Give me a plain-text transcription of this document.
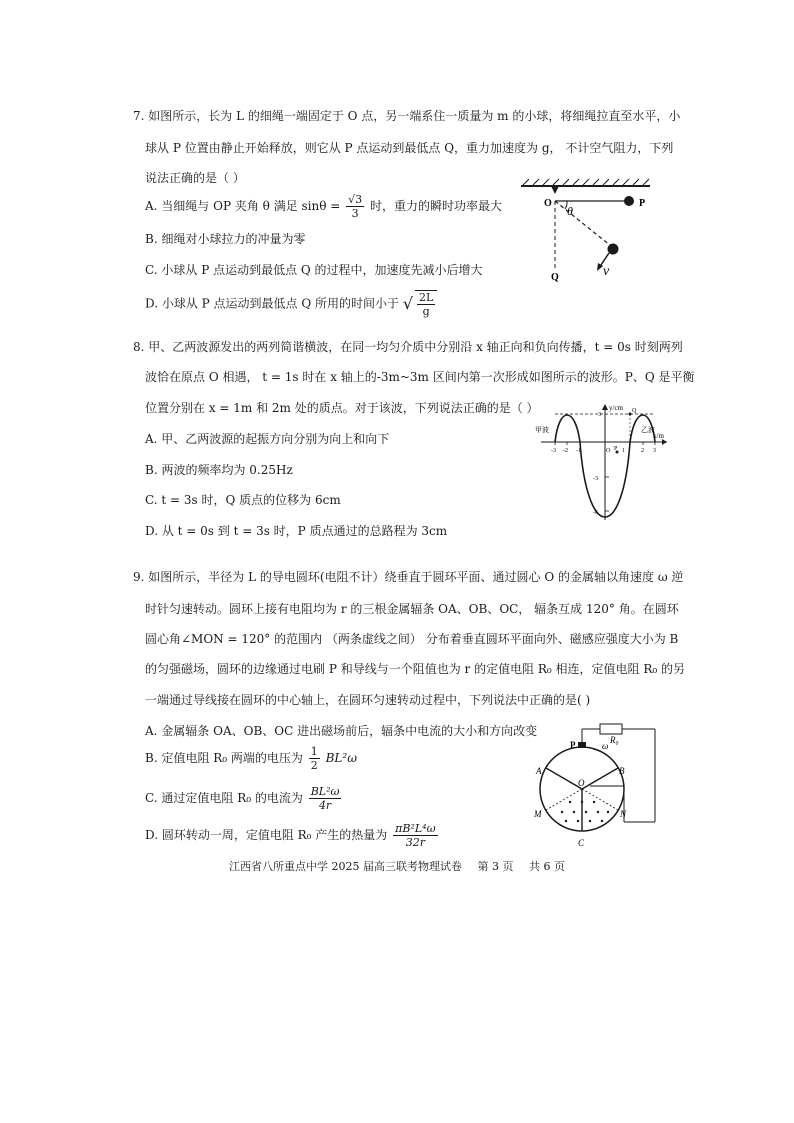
7. 如图所示，长为 L 的细绳一端固定于 O 点，另一端系住一质量为 m 的小球，将细绳拉直至水平，小
球从 P 位置由静止开始释放，则它从 P 点运动到最低点 Q，重力加速度为 g， 不计空气阻力，下列
说法正确的是（ ）
A. 当细绳与 OP 夹角 θ 满足 $\sin\theta = \frac{√3}{3}$ 时，重力的瞬时功率最大
B. 细绳对小球拉力的冲量为零
C. 小球从 P 点运动到最低点 Q 的过程中，加速度先减小后增大
D. 小球从 P 点运动到最低点 Q 所用的时间小于 √ $\frac{2L}{g}$
O	P
θ
Q	v
8. 甲、乙两波源发出的两列简谐横波，在同一均匀介质中分别沿 x 轴正向和负向传播，t = 0s 时刻两列
波恰在原点 O 相遇， t = 1s 时在 x 轴上的-3m~3m 区间内第一次形成如图所示的波形。P、Q 是平衡
位置分别在 x = 1m 和 2m 处的质点。对于该波，下列说法正确的是（ ）
A. 甲、乙两波源的起振方向分别为向上和向下
B. 两波的频率均为 0.25Hz
C. t = 3s 时，Q 质点的位移为 6cm
D. 从 t = 0s 到 t = 3s 时，P 质点通过的总路程为 3cm
y/cm
x/m
甲波	乙波
3
-3
-6
P
Q
O
-3 -2 -1	1	2 3
9. 如图所示，半径为 L 的导电圆环(电阻不计）绕垂直于圆环平面、通过圆心 O 的金属轴以角速度 ω 逆
时针匀速转动。圆环上接有电阻均为 r 的三根金属辐条 OA、OB、OC， 辐条互成 120° 角。在圆环
圆心角∠MON = 120° 的范围内 （两条虚线之间） 分布着垂直圆环平面向外、磁感应强度大小为 B
的匀强磁场，圆环的边缘通过电刷 P 和导线与一个阻值也为 r 的定值电阻 R₀ 相连，定值电阻 R₀ 的另
一端通过导线接在圆环的中心轴上，在圆环匀速转动过程中，下列说法中正确的是( )
A. 金属辐条 OA、OB、OC 进出磁场前后，辐条中电流的大小和方向改变
B. 定值电阻 R₀ 两端的电压为 $\frac{1}{2} BL^2\omega$
C. 通过定值电阻 R₀ 的电流为 $\frac{\text{BL²ω}}{4r}$
D. 圆环转动一周，定值电阻 R₀ 产生的热量为 $\frac{\text{πB²L⁴ω}}{32r}$
R₀
P	ω
A	B
O
M	N
C
江西省八所重点中学 2025 届高三联考物理试卷 第 3 页 共 6 页
